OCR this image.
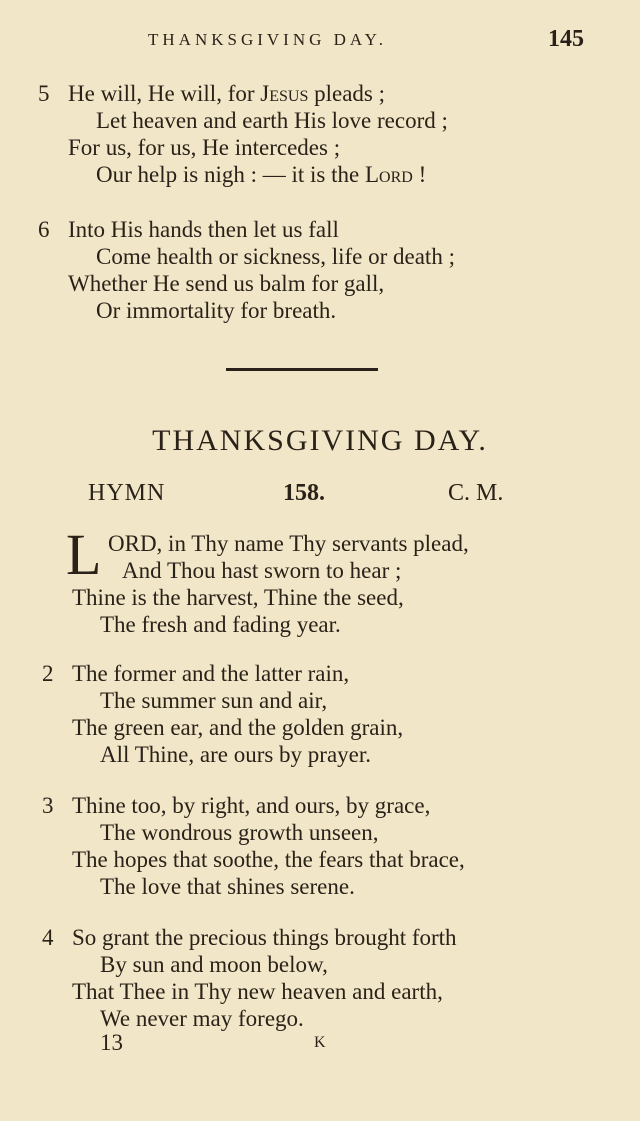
THANKSGIVING DAY.	145
5 He will, He will, for Jesus pleads ;
Let heaven and earth His love record ;
For us, for us, He intercedes ;
Our help is nigh : — it is the Lord !
6 Into His hands then let us fall
Come health or sickness, life or death ;
Whether He send us balm for gall,
Or immortality for breath.
THANKSGIVING DAY.
HYMN	158.	C. M.
L ORD, in Thy name Thy servants plead,
And Thou hast sworn to hear ;
Thine is the harvest, Thine the seed,
The fresh and fading year.
2 The former and the latter rain,
The summer sun and air,
The green ear, and the golden grain,
All Thine, are ours by prayer.
3 Thine too, by right, and ours, by grace,
The wondrous growth unseen,
The hopes that soothe, the fears that brace,
The love that shines serene.
4 So grant the precious things brought forth
By sun and moon below,
That Thee in Thy new heaven and earth,
We never may forego.
13	K
